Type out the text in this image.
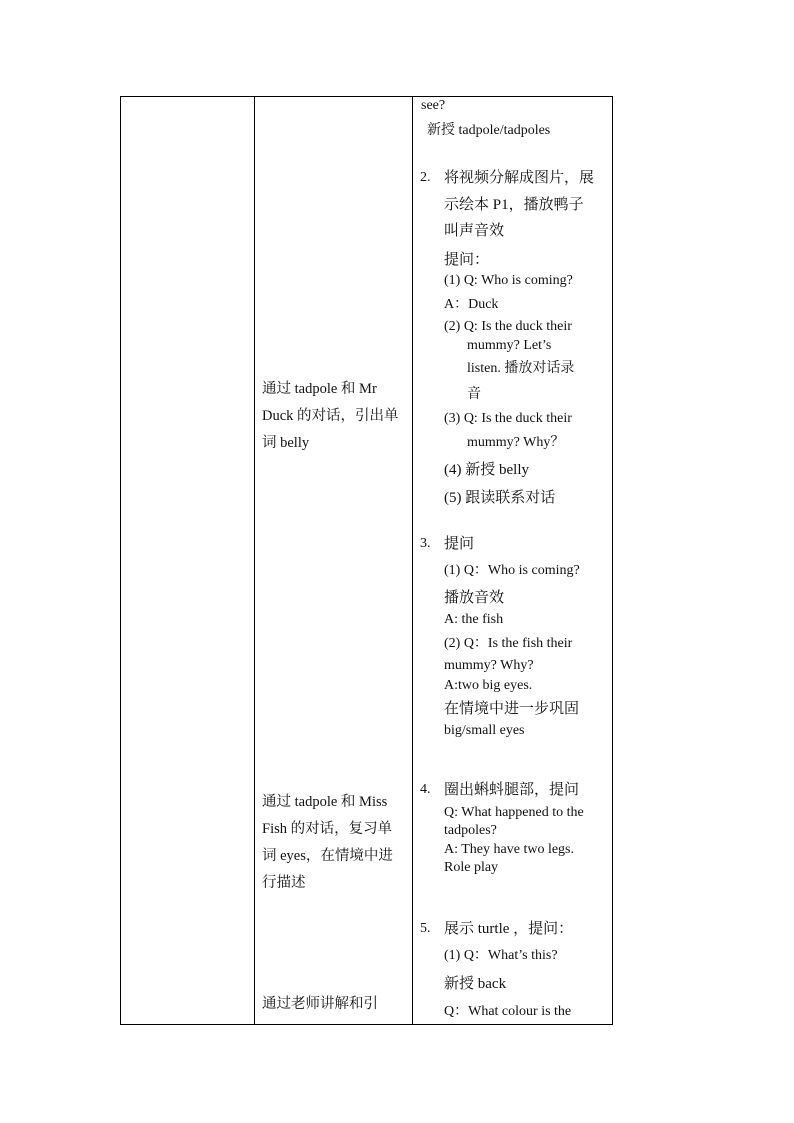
通过 tadpole 和 Mr Duck 的对话，引出单词 belly
通过 tadpole 和 Miss Fish 的对话，复习单词 eyes，在情境中进行描述
通过老师讲解和引
see?
新授 tadpole/tadpoles
2. 将视频分解成图片，展
示绘本 P1，播放鸭子
叫声音效
提问：
(1) Q: Who is coming?
A：Duck
(2) Q: Is the duck their
mummy? Let’s
listen. 播放对话录
音
(3) Q: Is the duck their
mummy? Why？
(4) 新授 belly
(5) 跟读联系对话
3. 提问
(1) Q：Who is coming?
播放音效
A: the fish
(2) Q：Is the fish their
mummy? Why?
A:two big eyes.
在情境中进一步巩固
big/small eyes
4. 圈出蝌蚪腿部，提问
Q: What happened to the
tadpoles?
A: They have two legs.
Role play
5. 展示 turtle ，提问：
(1) Q：What’s this?
新授 back
Q：What colour is the
